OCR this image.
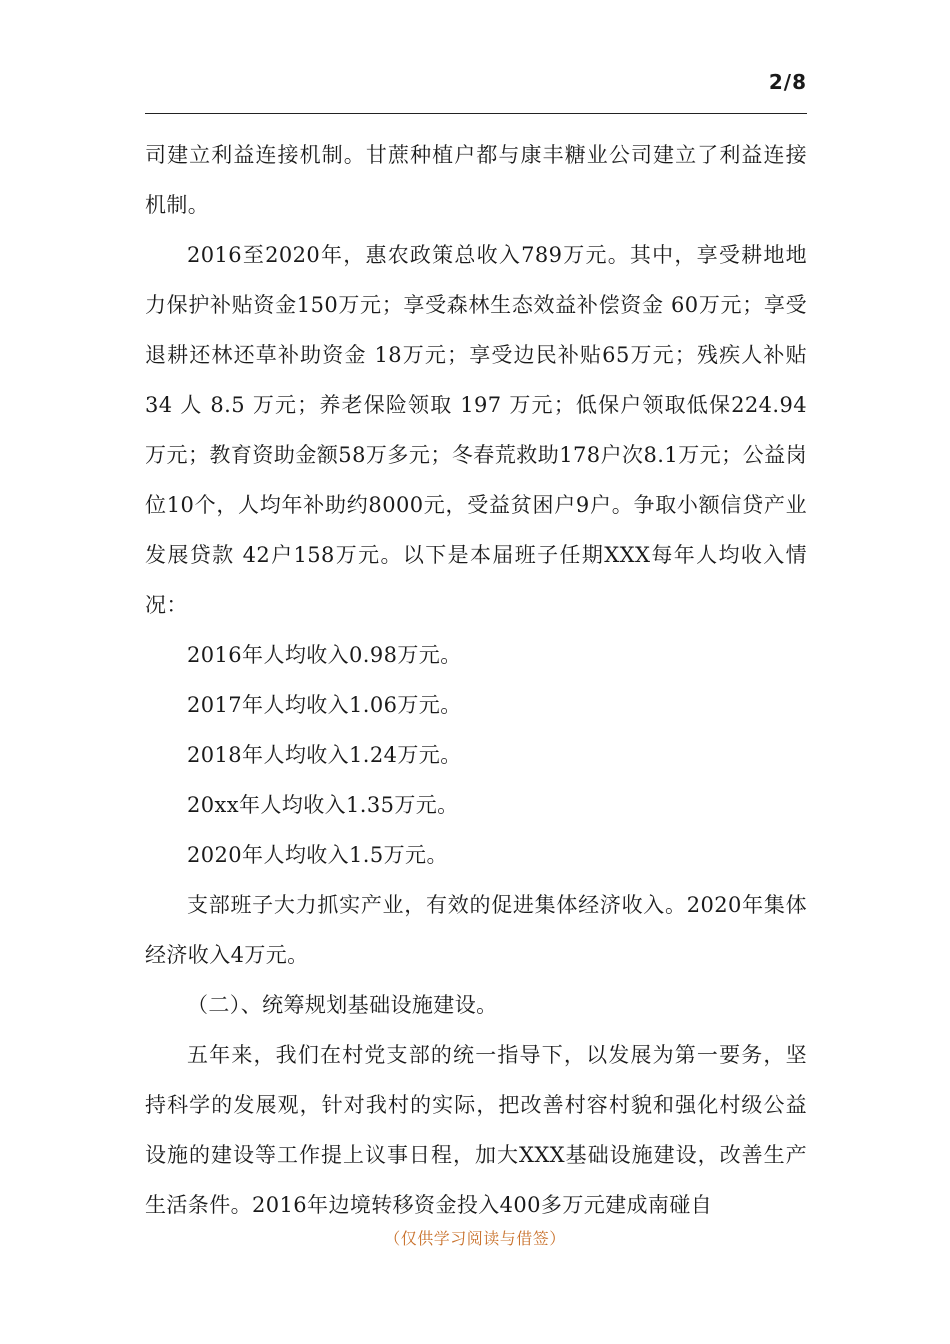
2/8

司建立利益连接机制。甘蔗种植户都与康丰糖业公司建立了利益连接机制。

2016至2020年，惠农政策总收入789万元。其中，享受耕地地力保护补贴资金150万元；享受森林生态效益补偿资金 60万元；享受退耕还林还草补助资金 18万元；享受边民补贴65万元；残疾人补贴 34 人 8.5 万元；养老保险领取 197 万元；低保户领取低保224.94万元；教育资助金额58万多元；冬春荒救助178户次8.1万元；公益岗位10个，人均年补助约8000元，受益贫困户9户。争取小额信贷产业发展贷款 42户158万元。以下是本届班子任期XXX每年人均收入情况：

2016年人均收入0.98万元。

2017年人均收入1.06万元。

2018年人均收入1.24万元。

20xx年人均收入1.35万元。

2020年人均收入1.5万元。

支部班子大力抓实产业，有效的促进集体经济收入。2020年集体经济收入4万元。

（二）、统筹规划基础设施建设。

五年来，我们在村党支部的统一指导下，以发展为第一要务，坚持科学的发展观，针对我村的实际，把改善村容村貌和强化村级公益设施的建设等工作提上议事日程，加大XXX基础设施建设，改善生产生活条件。2016年边境转移资金投入400多万元建成南碰自

（仅供学习阅读与借签）
